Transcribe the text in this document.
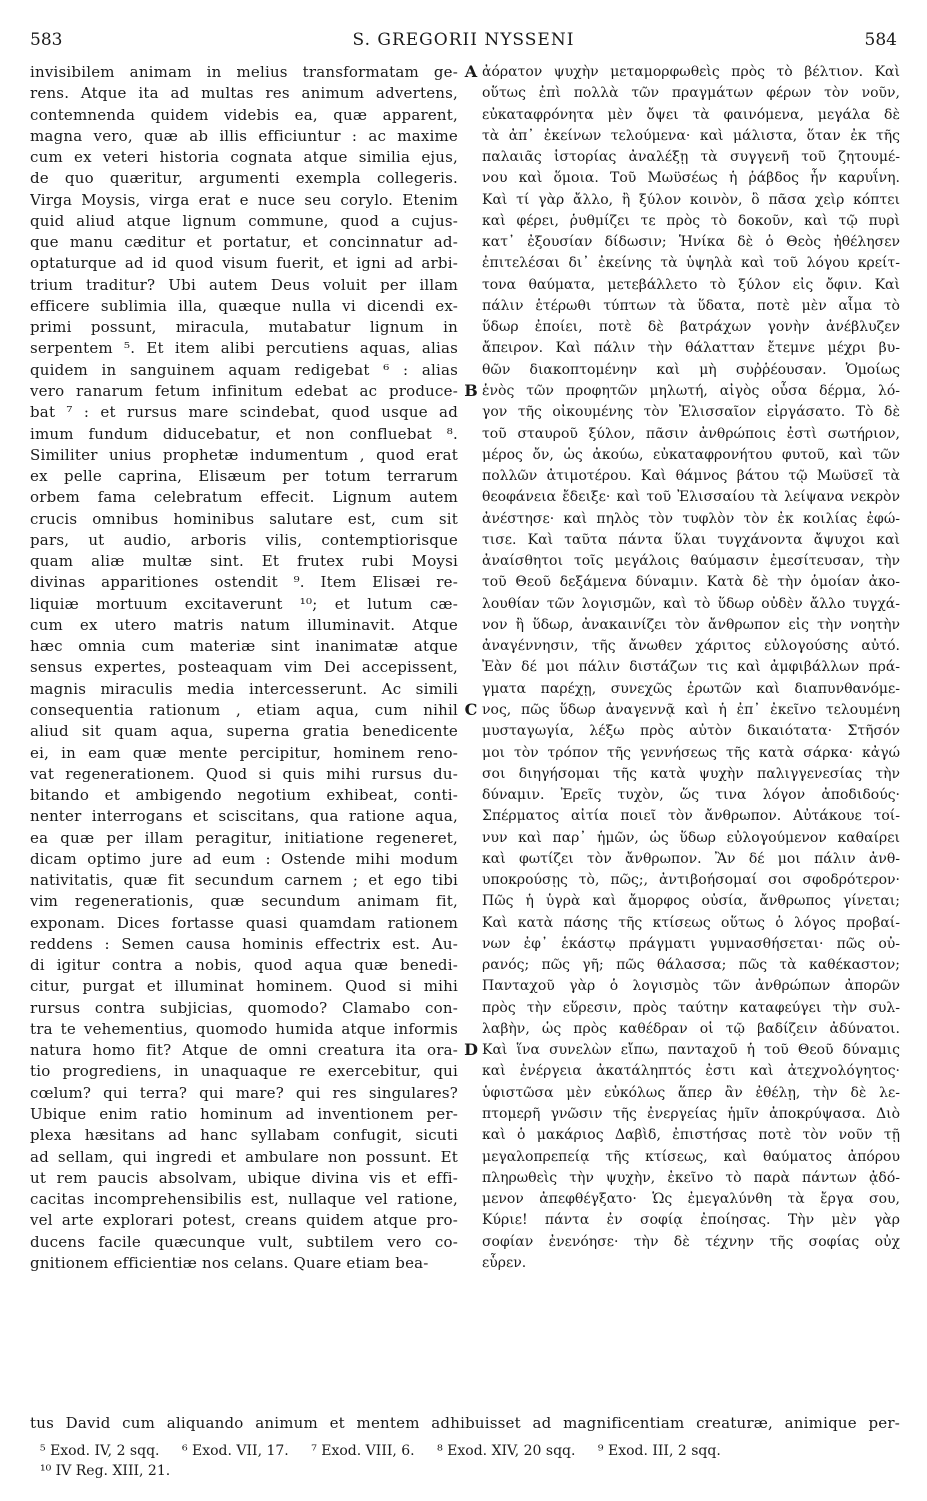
583	S. GREGORII NYSSENI	584
invisibilem animam in melius transformatam ge-
rens. Atque ita ad multas res animum advertens,
contemnenda quidem videbis ea, quæ apparent,
magna vero, quæ ab illis efficiuntur : ac maxime
cum ex veteri historia cognata atque similia ejus,
de quo quæritur, argumenti exempla collegeris.
Virga Moysis, virga erat e nuce seu corylo. Etenim
quid aliud atque lignum commune, quod a cujus-
que manu cæditur et portatur, et concinnatur ad-
optaturque ad id quod visum fuerit, et igni ad arbi-
trium traditur? Ubi autem Deus voluit per illam
efficere sublimia illa, quæque nulla vi dicendi ex-
primi possunt, miracula, mutabatur lignum in
serpentem ⁵. Et item alibi percutiens aquas, alias
quidem in sanguinem aquam redigebat ⁶ : alias
vero ranarum fetum infinitum edebat ac produce-
bat ⁷ : et rursus mare scindebat, quod usque ad
imum fundum diducebatur, et non confluebat ⁸.
Similiter unius prophetæ indumentum , quod erat
ex pelle caprina, Elisæum per totum terrarum
orbem fama celebratum effecit. Lignum autem
crucis omnibus hominibus salutare est, cum sit
pars, ut audio, arboris vilis, contemptiorisque
quam aliæ multæ sint. Et frutex rubi Moysi
divinas apparitiones ostendit ⁹. Item Elisæi re-
liquiæ mortuum excitaverunt ¹⁰; et lutum cæ-
cum ex utero matris natum illuminavit. Atque
hæc omnia cum materiæ sint inanimatæ atque
sensus expertes, posteaquam vim Dei accepissent,
magnis miraculis media intercesserunt. Ac simili
consequentia rationum , etiam aqua, cum nihil
aliud sit quam aqua, superna gratia benedicente
ei, in eam quæ mente percipitur, hominem reno-
vat regenerationem. Quod si quis mihi rursus du-
bitando et ambigendo negotium exhibeat, conti-
nenter interrogans et sciscitans, qua ratione aqua,
ea quæ per illam peragitur, initiatione regeneret,
dicam optimo jure ad eum : Ostende mihi modum
nativitatis, quæ fit secundum carnem ; et ego tibi
vim regenerationis, quæ secundum animam fit,
exponam. Dices fortasse quasi quamdam rationem
reddens : Semen causa hominis effectrix est. Au-
di igitur contra a nobis, quod aqua quæ benedi-
citur, purgat et illuminat hominem. Quod si mihi
rursus contra subjicias, quomodo? Clamabo con-
tra te vehementius, quomodo humida atque informis
natura homo fit? Atque de omni creatura ita ora-
tio progrediens, in unaquaque re exercebitur, qui
cœlum? qui terra? qui mare? qui res singulares?
Ubique enim ratio hominum ad inventionem per-
plexa hæsitans ad hanc syllabam confugit, sicuti
ad sellam, qui ingredi et ambulare non possunt. Et
ut rem paucis absolvam, ubique divina vis et effi-
cacitas incomprehensibilis est, nullaque vel ratione,
vel arte explorari potest, creans quidem atque pro-
ducens facile quæcunque vult, subtilem vero co-
gnitionem efficientiæ nos celans. Quare etiam bea-
A
B
C
D
ἀόρατον ψυχὴν μεταμορφωθεὶς πρὸς τὸ βέλτιον. Καὶ
οὕτως ἐπὶ πολλὰ τῶν πραγμάτων φέρων τὸν νοῦν,
εὐκαταφρόνητα μὲν ὄψει τὰ φαινόμενα, μεγάλα δὲ
τὰ ἀπ᾽ ἐκείνων τελούμενα· καὶ μάλιστα, ὅταν ἐκ τῆς
παλαιᾶς ἱστορίας ἀναλέξῃ τὰ συγγενῆ τοῦ ζητουμέ-
νου καὶ ὅμοια. Τοῦ Μωϋσέως ἡ ῥάβδος ἦν καρυΐνη.
Καὶ τί γὰρ ἄλλο, ἢ ξύλον κοινὸν, ὃ πᾶσα χεὶρ κόπτει
καὶ φέρει, ῥυθμίζει τε πρὸς τὸ δοκοῦν, καὶ τῷ πυρὶ
κατ᾽ ἐξουσίαν δίδωσιν; Ἡνίκα δὲ ὁ Θεὸς ἠθέλησεν
ἐπιτελέσαι δι᾽ ἐκείνης τὰ ὑψηλὰ καὶ τοῦ λόγου κρείτ-
τονα θαύματα, μετεβάλλετο τὸ ξύλον εἰς ὄφιν. Καὶ
πάλιν ἑτέρωθι τύπτων τὰ ὕδατα, ποτὲ μὲν αἷμα τὸ
ὕδωρ ἐποίει, ποτὲ δὲ βατράχων γονὴν ἀνέβλυζεν
ἄπειρον. Καὶ πάλιν τὴν θάλατταν ἔτεμνε μέχρι βυ-
θῶν διακοπτομένην καὶ μὴ συῤῥέουσαν. Ὁμοίως
ἑνὸς τῶν προφητῶν μηλωτή, αἰγὸς οὖσα δέρμα, λό-
γον τῆς οἰκουμένης τὸν Ἐλισσαῖον εἰργάσατο. Τὸ δὲ
τοῦ σταυροῦ ξύλον, πᾶσιν ἀνθρώποις ἐστὶ σωτήριον,
μέρος ὄν, ὡς ἀκούω, εὐκαταφρονήτου φυτοῦ, καὶ τῶν
πολλῶν ἀτιμοτέρου. Καὶ θάμνος βάτου τῷ Μωϋσεῖ τὰ
θεοφάνεια ἔδειξε· καὶ τοῦ Ἐλισσαίου τὰ λείψανα νεκρὸν
ἀνέστησε· καὶ πηλὸς τὸν τυφλὸν τὸν ἐκ κοιλίας ἐφώ-
τισε. Καὶ ταῦτα πάντα ὕλαι τυγχάνοντα ἄψυχοι καὶ
ἀναίσθητοι τοῖς μεγάλοις θαύμασιν ἐμεσίτευσαν, τὴν
τοῦ Θεοῦ δεξάμενα δύναμιν. Κατὰ δὲ τὴν ὁμοίαν ἀκο-
λουθίαν τῶν λογισμῶν, καὶ τὸ ὕδωρ οὐδὲν ἄλλο τυγχά-
νον ἢ ὕδωρ, ἀνακαινίζει τὸν ἄνθρωπον εἰς τὴν νοητὴν
ἀναγέννησιν, τῆς ἄνωθεν χάριτος εὐλογούσης αὐτό.
Ἐὰν δέ μοι πάλιν διστάζων τις καὶ ἀμφιβάλλων πρά-
γματα παρέχῃ, συνεχῶς ἐρωτῶν καὶ διαπυνθανόμε-
νος, πῶς ὕδωρ ἀναγεννᾷ καὶ ἡ ἐπ᾽ ἐκεῖνο τελουμένη
μυσταγωγία, λέξω πρὸς αὐτὸν δικαιότατα· Στῆσόν
μοι τὸν τρόπον τῆς γεννήσεως τῆς κατὰ σάρκα· κἀγώ
σοι διηγήσομαι τῆς κατὰ ψυχὴν παλιγγενεσίας τὴν
δύναμιν. Ἐρεῖς τυχὸν, ὥς τινα λόγον ἀποδιδούς·
Σπέρματος αἰτία ποιεῖ τὸν ἄνθρωπον. Αὐτάκουε τοί-
νυν καὶ παρ᾽ ἡμῶν, ὡς ὕδωρ εὐλογούμενον καθαίρει
καὶ φωτίζει τὸν ἄνθρωπον. Ἂν δέ μοι πάλιν ἀνθ-
υποκρούσῃς τὸ, πῶς;, ἀντιβοήσομαί σοι σφοδρότερον·
Πῶς ἡ ὑγρὰ καὶ ἄμορφος οὐσία, ἄνθρωπος γίνεται;
Καὶ κατὰ πάσης τῆς κτίσεως οὕτως ὁ λόγος προβαί-
νων ἐφ᾽ ἑκάστῳ πράγματι γυμνασθήσεται· πῶς οὐ-
ρανός; πῶς γῆ; πῶς θάλασσα; πῶς τὰ καθέκαστον;
Πανταχοῦ γὰρ ὁ λογισμὸς τῶν ἀνθρώπων ἀπορῶν
πρὸς τὴν εὕρεσιν, πρὸς ταύτην καταφεύγει τὴν συλ-
λαβὴν, ὡς πρὸς καθέδραν οἱ τῷ βαδίζειν ἀδύνατοι.
Καὶ ἵνα συνελὼν εἴπω, πανταχοῦ ἡ τοῦ Θεοῦ δύναμις
καὶ ἐνέργεια ἀκατάληπτός ἐστι καὶ ἀτεχνολόγητος·
ὑφιστῶσα μὲν εὐκόλως ἅπερ ἂν ἐθέλῃ, τὴν δὲ λε-
πτομερῆ γνῶσιν τῆς ἐνεργείας ἡμῖν ἀποκρύψασα. Διὸ
καὶ ὁ μακάριος Δαβὶδ, ἐπιστήσας ποτὲ τὸν νοῦν τῇ
μεγαλοπρεπείᾳ τῆς κτίσεως, καὶ θαύματος ἀπόρου
πληρωθεὶς τὴν ψυχὴν, ἐκεῖνο τὸ παρὰ πάντων ᾀδό-
μενον ἀπεφθέγξατο· Ὡς ἐμεγαλύνθη τὰ ἔργα σου,
Κύριε! πάντα ἐν σοφίᾳ ἐποίησας. Τὴν μὲν γὰρ
σοφίαν ἐνενόησε· τὴν δὲ τέχνην τῆς σοφίας οὐχ
εὗρεν.
tus David cum aliquando animum et mentem adhibuisset ad magnificentiam creaturæ, animique per-
⁵ Exod. IV, 2 sqq. ⁶ Exod. VII, 17. ⁷ Exod. VIII, 6. ⁸ Exod. XIV, 20 sqq. ⁹ Exod. III, 2 sqq.
¹⁰ IV Reg. XIII, 21.
